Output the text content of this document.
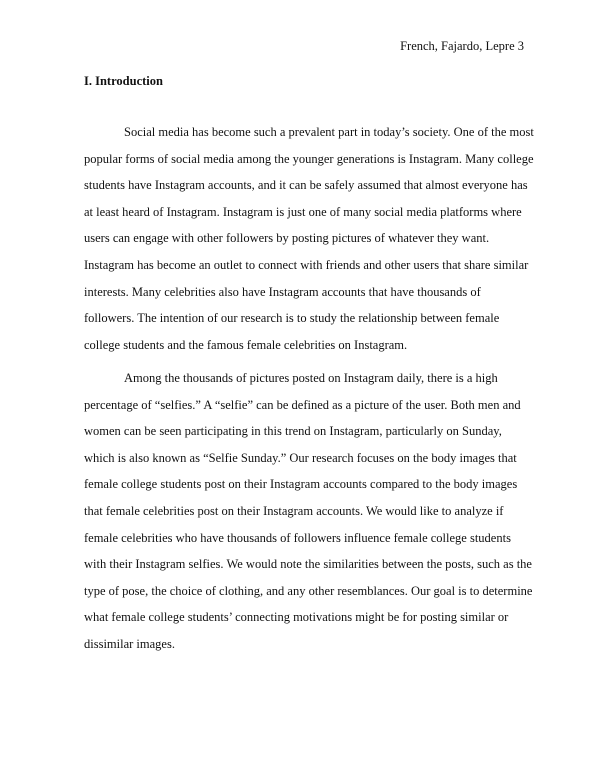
French, Fajardo, Lepre 3
I. Introduction
Social media has become such a prevalent part in today’s society. One of the most
popular forms of social media among the younger generations is Instagram. Many college
students have Instagram accounts, and it can be safely assumed that almost everyone has
at least heard of Instagram. Instagram is just one of many social media platforms where
users can engage with other followers by posting pictures of whatever they want.
Instagram has become an outlet to connect with friends and other users that share similar
interests. Many celebrities also have Instagram accounts that have thousands of
followers. The intention of our research is to study the relationship between female
college students and the famous female celebrities on Instagram.
Among the thousands of pictures posted on Instagram daily, there is a high
percentage of “selfies.” A “selfie” can be defined as a picture of the user. Both men and
women can be seen participating in this trend on Instagram, particularly on Sunday,
which is also known as “Selfie Sunday.” Our research focuses on the body images that
female college students post on their Instagram accounts compared to the body images
that female celebrities post on their Instagram accounts. We would like to analyze if
female celebrities who have thousands of followers influence female college students
with their Instagram selfies. We would note the similarities between the posts, such as the
type of pose, the choice of clothing, and any other resemblances. Our goal is to determine
what female college students’ connecting motivations might be for posting similar or
dissimilar images.
